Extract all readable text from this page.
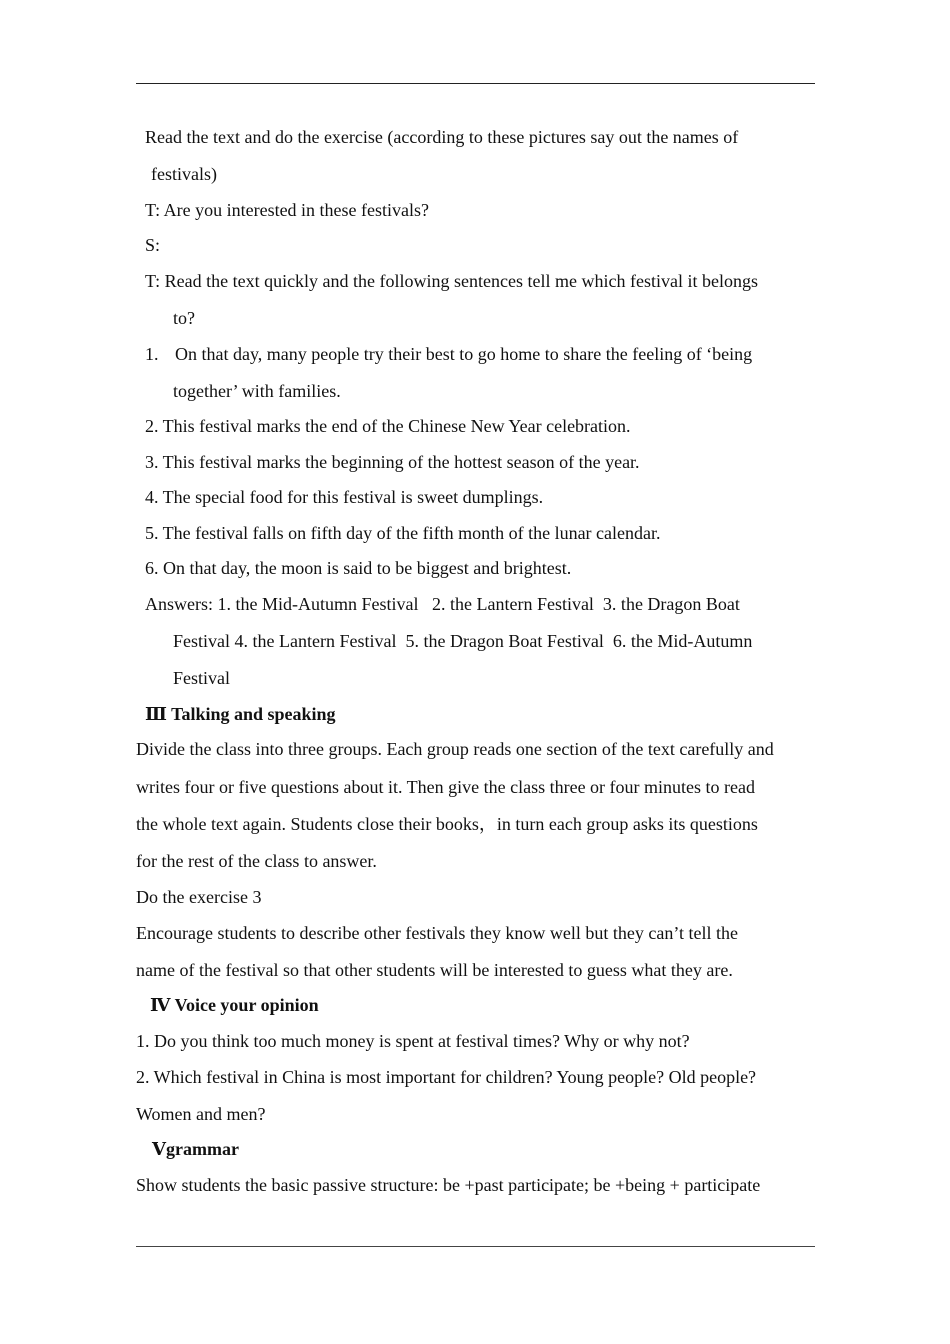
Read the text and do the exercise (according to these pictures say out the names of
festivals)
T: Are you interested in these festivals?
S:
T: Read the text quickly and the following sentences tell me which festival it belongs
to?
1. On that day, many people try their best to go home to share the feeling of ‘being
together’ with families.
2. This festival marks the end of the Chinese New Year celebration.
3. This festival marks the beginning of the hottest season of the year.
4. The special food for this festival is sweet dumplings.
5. The festival falls on fifth day of the fifth month of the lunar calendar.
6. On that day, the moon is said to be biggest and brightest.
Answers: 1. the Mid-Autumn Festival   2. the Lantern Festival  3. the Dragon Boat
Festival 4. the Lantern Festival  5. the Dragon Boat Festival  6. the Mid-Autumn
Festival
Ⅲ Talking and speaking
Divide the class into three groups. Each group reads one section of the text carefully and
writes four or five questions about it. Then give the class three or four minutes to read
the whole text again. Students close their books，in turn each group asks its questions
for the rest of the class to answer.
Do the exercise 3
Encourage students to describe other festivals they know well but they can’t tell the
name of the festival so that other students will be interested to guess what they are.
Ⅳ Voice your opinion
1. Do you think too much money is spent at festival times? Why or why not?
2. Which festival in China is most important for children? Young people? Old people?
Women and men?
Ⅴgrammar
Show students the basic passive structure: be +past participate; be +being + participate
